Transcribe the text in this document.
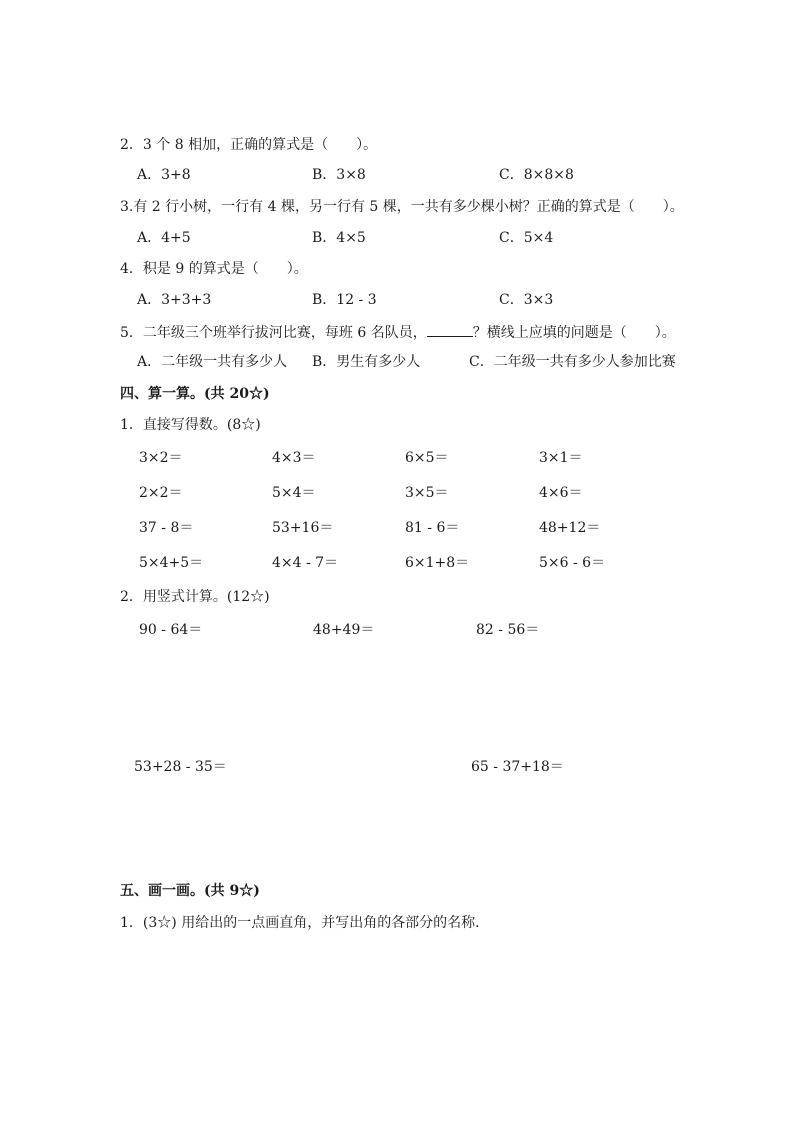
2．3 个 8 相加，正确的算式是（　　）。
A．3+8	B．3×8	C．8×8×8
3.有 2 行小树，一行有 4 棵，另一行有 5 棵，一共有多少棵小树？正确的算式是（　　）。
A．4+5	B．4×5	C．5×4
4．积是 9 的算式是（　　）。
A．3+3+3	B．12 - 3	C．3×3
5．二年级三个班举行拔河比赛，每班 6 名队员，	？横线上应填的问题是（　　）。
A．二年级一共有多少人 B．男生有多少人	C．二年级一共有多少人参加比赛
四、算一算。(共 20☆)
1．直接写得数。(8☆)
3×2＝	4×3＝	6×5＝	3×1＝
2×2＝	5×4＝	3×5＝	4×6＝
37 - 8＝	53+16＝	81 - 6＝	48+12＝
5×4+5＝	4×4 - 7＝	6×1+8＝	5×6 - 6＝
2．用竖式计算。(12☆)
90 - 64＝	48+49＝	82 - 56＝
53+28 - 35＝	65 - 37+18＝
五、画一画。(共 9☆)
1．(3☆) 用给出的一点画直角，并写出角的各部分的名称．
